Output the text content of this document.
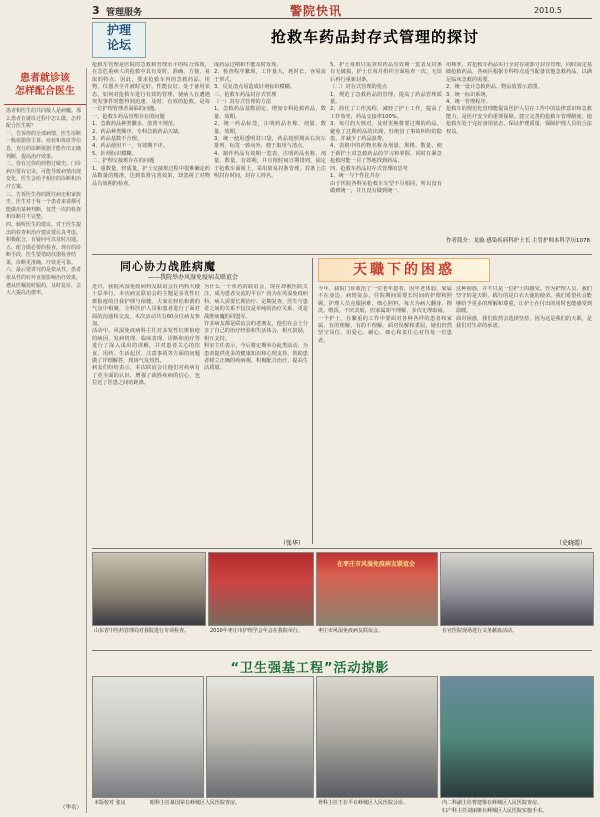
3 管理服务	警院快讯	2010.5
护理
论坛	抢救车药品封存式管理的探讨
患者就诊该
怎样配合医生
患者和医生的共同敌人是病魔。那么患者在就诊过程中怎么做，怎样配合医生呢？
一、告诉你的全部病情。医生诊断一般依据你主诉、症状和体征等信息，充分的诊断依据才能作出正确判断，提高治疗效果。
二、你有过你的药物过敏史。门诊病历要有记录，可能导致病情出现变化，医生会给予相应的诊断和治疗方案。
三、告诉医生你的既往病史和家族史。医生对于每一个患者来说都可能做出某种判断，仅凭一次的检查和诊断并不完整。
四、倾听医生的建议。对于医生提出的检查和治疗建议要认真考虑，积极配合，有疑问可以及时沟通。
五、配合做必要的检查。现有的诊断手段，医生要借助仪器检查结果，诊断更准确，疗效更可靠。
六、最后要讲究的是依从性。患者依从性的好坏直接影响治疗效果，遵从医嘱按时服药，及时复诊，会大大提高治愈率。
（华名）
抢救车管理是医院的急救和管理水平的综合体现，在急危重病人的抢救中具有及时、准确、方便、易取的特点。因此，要求抢救车内的急救药品、用物，仪器齐全并被时完好、性能良好。处于备用状态。如何对抢救车进行有效的管理，使病人在遭遇突发事件时能得到迅速、及时、有效的抢救。是每一位护理管理者面临的问题。
一、抢救车药品管理存在的问题
1、急救药品种类繁多，放置不规范。
2、药品种类顺序，专科急救药品欠缺。
3、药品基数不合理。
4、药品使用不一，有效期不详。
5、针剂标识模糊。
二、护理交接班存在的问题
1、重数量，轻质量。护士交接班过程中很难确定药品数量的精准，达到监督完善效果，却忽视了对物品有效期的检查。
成药品过期和不能及时发现。
2、检查程序繁琐，工作量大，耗时长，容易流于形式。
3、反复清点易造成针剂标识模糊。
三、抢救车药品封存式管理
（一）封存式管理的方法
1、急救药品基数固定，增加专科抢救药品，数量、效期。
2、统一药品标签，注明药品名称、剂量、数量、效期。
3、统一使用透明封口袋，药品按照期从右向左排列，标签一致向外，便于取用与清点。
4、制作药品有效期一览表，注明药品名称、剂量、数量、有效期，并且按时间日期排列，固定于抢救车面板上，采用简易封条管理，封条上注明封存时间，封存人姓名。
5、护士每班只需查对药品有效期一览表及封条有无破损，护士长每月组织全面检查一次，无误后再行重新封条。
（二）封存式管理的优点
1、规范了急救药品的管理，提高了药品管理质量。
2、简化了工作流程，减轻了护士工作，提高了工作效率，药品交接率100%。
3、每月的大核对，及时更换将要过期的药品，避免了过期药品的出现，杜绝因了事故纠纷的隐患，并减少了药品浪费。
4、表格中的药物名称及剂量、规格、数量，便于新护士对急救药品的学习和掌握，同时在紧急抢救时能一目了然地找到药品。
四、抢救车药品封存式管理的思考
1、统一与个性化共存
由于医院各科室抢救车车型不尽相同，所以没有做到统一，并且没有做到统一。
用频率，对抢救车药品实行全封存或部分封存管理，同时固定基础抢救药品，各病区根据专科特点适当配备其他急救药品，以满足临床急救的需要。
2、统一设计急救药品、物品放置示意图。
3、统一标识系统。
4、统一管理程序。
抢救车的规范化管理能提高医护人员在工作中的法律意识和急救能力，是医疗安全的重要保障。建立完善的抢救车管理制度，使抢救车处于完好备用状态，保证护理质量，保障护理人员的合法权益。
作者简介：龙璇 感染疾病科护士长 主管护师本科学历1078
同心协力战胜病魔
——我院举办风湿免疫病友联谊会
近日，我院风湿免疫病科友联谊会在内科大楼十层举行，本次病友联谊会的主题是多发性红斑狼疮的自我护理与保健。大家在轻松和谐的气氛中相聚，全科医护人员和患者进行了面对面的沟通和交流。本次活动共有60余位病友参加。
活动中，风湿免疫病科主任对多发性红斑狼疮的病因、发病机理、临床表现、诊断和治疗等进行了深入浅出的讲解，并对患者关心的饮食、用药、生活起居、注意事项等方面的问题做了详细解答，现场气氛热烈。
病友们纷纷表示，本次联谊会让他们对疾病有了更全面的认识，增强了战胜疾病的信心，也拉近了医患之间的距离。
为什么一个单名的联谊会，现在却被医院关注，成为患者交流的平台？因为在风湿免疫病科，病人需要长期治疗、定期复查，医生与患者之间的关系不仅仅是单纯的治疗关系，更是战胜病魔的同盟军。
许多病友都是联谊会的老朋友，他们在会上分享了自己的治疗经验和生活体会，相互鼓励，相互支持。
科室主任表示，今后将定期举办此类活动，为患者提供更多的健康知识和心理支持，帮助患者树立正确的疾病观，积极配合治疗，提高生活质量。
（张华）
天職下的困惑
今年，我院门诊收治了一位老年患者，因年老体弱，家属不在身边，病情复杂，住院期间需要长时间的护理和照顾。护理人员克服困难，细心照料，每天为病人翻身、擦洗、喂饭，不厌其烦，但家属却不理解，多次无理取闹。
一个护士，在繁重的工作中要面对各种各样的患者和家属，有的理解，有的不理解。面对误解和委屈，她们仍然坚守岗位，用爱心、耐心、细心和责任心对待每一位患者。
这种困惑，并不只是一位护士的感受。作为护理人员，我们坚守的是天职，践行的是白衣天使的使命。我们希望社会能够给予更多的理解和尊重，让护士在付出的同时也能感受到温暖。
面对困惑，我们依然会选择坚持，因为这是我们的天职，是我们对生命的承诺。
（史晓霞）
在枣庄市风湿免疫病友联谊会
山东省中医药管理局对我院进行专项检查。	2010年枣庄市护理学会年会在我院举行。	枣庄市风湿免疫病友联谊会。	在官医院现场进行义务献血活动。
“卫生强基工程”活动掠影
本版校对 张良	眼科主任暴国荣在峄城区人民医院查房。	骨科主任王在平在峄城区人民医院会诊。	内二科副主任曹建梁在峄城区人民医院查房。
妇产科主任刘丽娅在峄城区人民医院实施手术。
